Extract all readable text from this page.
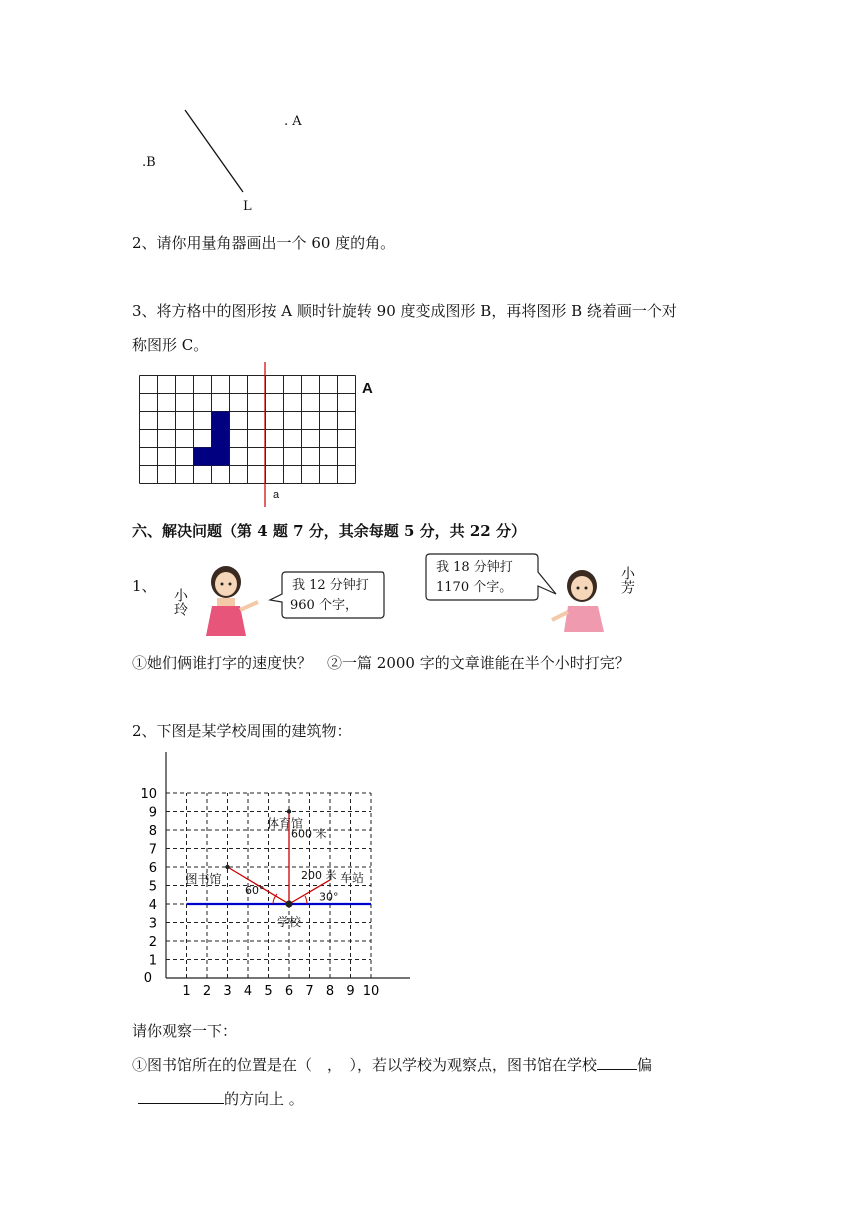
. A
.B
L
2、请你用量角器画出一个 60 度的角。
3、将方格中的图形按 A 顺时针旋转 90 度变成图形 B，再将图形 B 绕着画一个对
称图形 C。
A
a
六、解决问题（第 4 题 7 分，其余每题 5 分，共 22 分）
1、
小玲
我 12 分钟打
960 个字，
我 18 分钟打
1170 个字。	小芳
①她们俩谁打字的速度快？　②一篇 2000 字的文章谁能在半个小时打完？
2、下图是某学校周围的建筑物：
1 2 3 4 5 6 7 8 9 10
1
2
3
4
5
6
7
8
9
10
0
体育馆
图书馆	车站
学校
600 米
200 米
60°	30°
请你观察一下：
①图书馆所在的位置是在（　，　），若以学校为观察点，图书馆在学校	偏
的方向上 。
